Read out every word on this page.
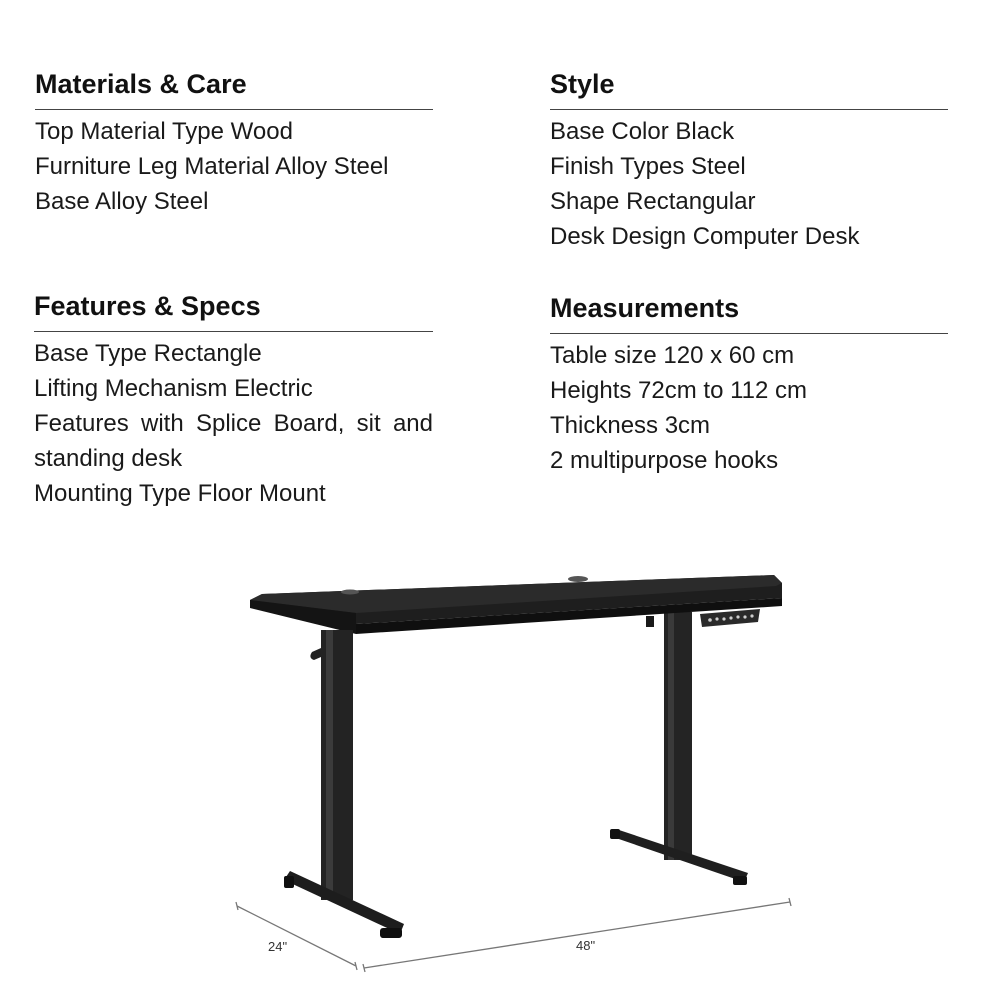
Materials & Care
Top Material Type Wood
Furniture Leg Material Alloy Steel
Base Alloy Steel
Style
Base Color Black
Finish Types Steel
Shape Rectangular
Desk Design Computer Desk
Features & Specs
Base Type Rectangle
Lifting Mechanism Electric
Features with Splice Board, sit and standing desk
Mounting Type Floor Mount
Measurements
Table size 120 x 60 cm
Heights 72cm to 112 cm
Thickness 3cm
2 multipurpose hooks
24"	48"
